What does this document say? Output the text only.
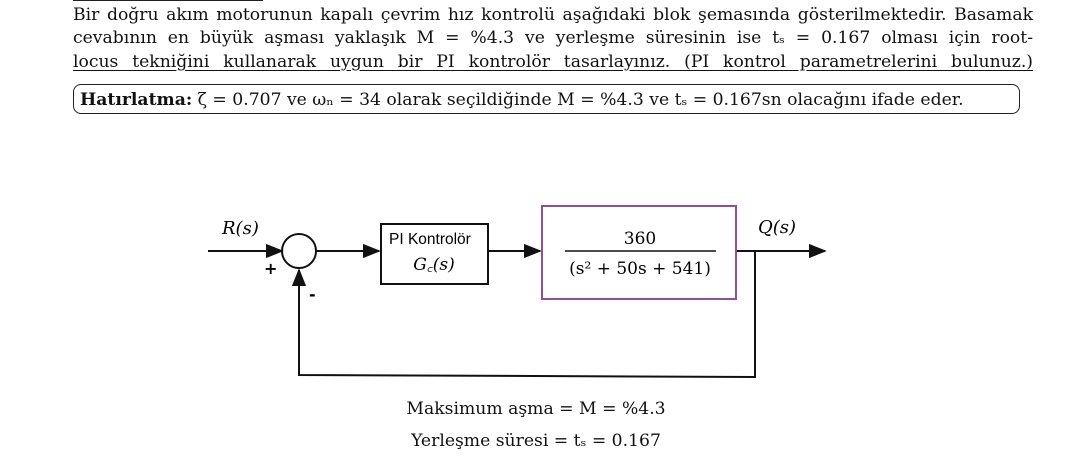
Bir doğru akım motorunun kapalı çevrim hız kontrolü aşağıdaki blok şemasında gösterilmektedir. Basamak
cevabının en büyük aşması yaklaşık M = %4.3 ve yerleşme süresinin ise tₛ = 0.167 olması için root-
locus tekniğini kullanarak uygun bir PI kontrolör tasarlayınız. (PI kontrol parametrelerini bulunuz.)
Hatırlatma: ζ = 0.707 ve ωₙ = 34 olarak seçildiğinde M = %4.3 ve tₛ = 0.167sn olacağını ifade eder.
R(s)	Q(s)
+
-
PI Kontrolör
G꜀(s)
360
(s² + 50s + 541)
Maksimum aşma = M = %4.3
Yerleşme süresi = tₛ = 0.167
